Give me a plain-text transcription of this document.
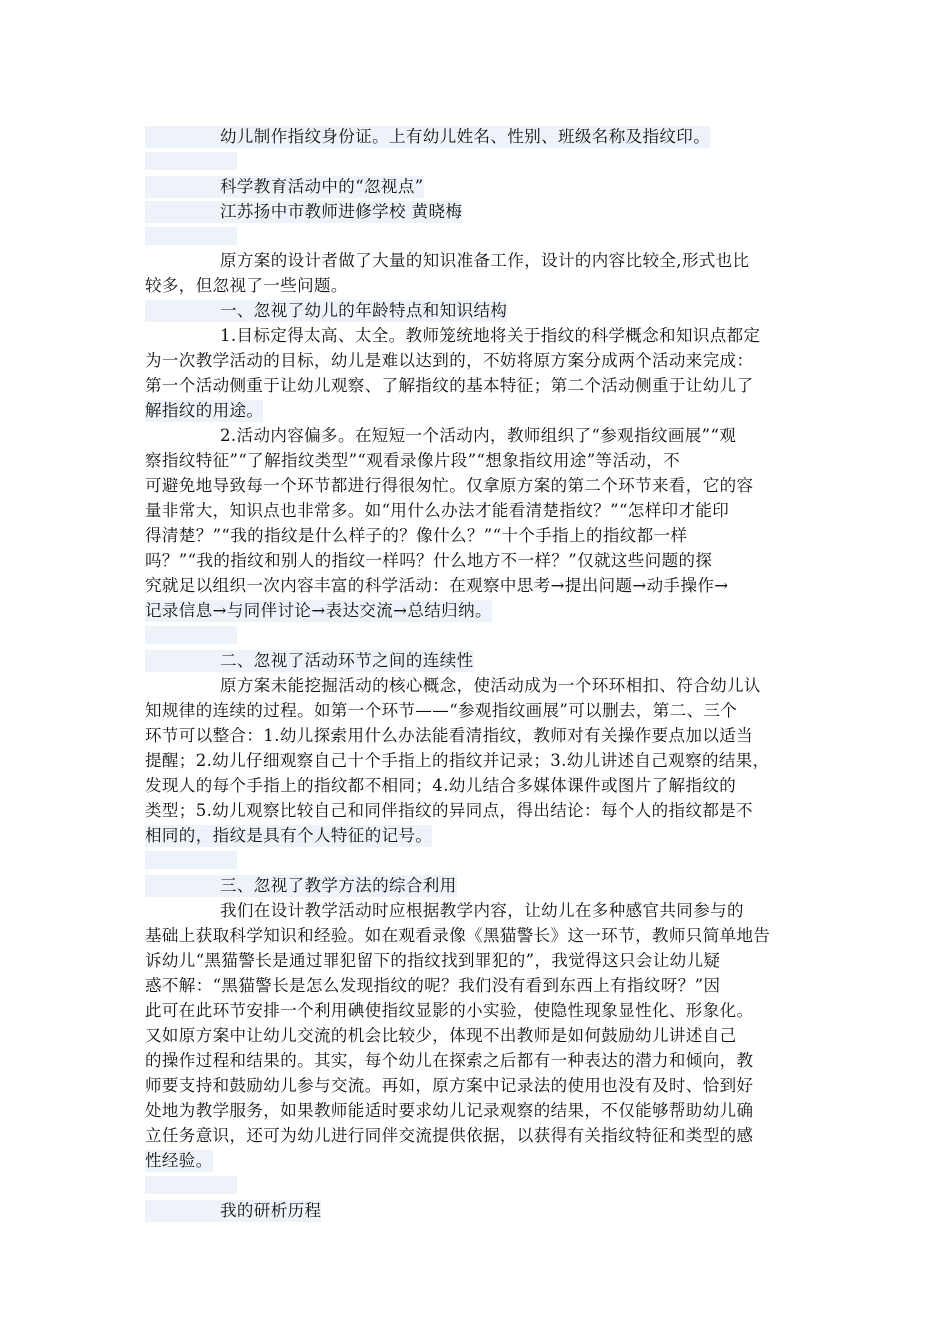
幼儿制作指纹身份证。上有幼儿姓名、性别、班级名称及指纹印。
科学教育活动中的“忽视点”
江苏扬中市教师进修学校 黄晓梅
原方案的设计者做了大量的知识准备工作，设计的内容比较全,形式也比
较多，但忽视了一些问题。
一、忽视了幼儿的年龄特点和知识结构
1.目标定得太高、太全。教师笼统地将关于指纹的科学概念和知识点都定
为一次教学活动的目标，幼儿是难以达到的，不妨将原方案分成两个活动来完成：
第一个活动侧重于让幼儿观察、了解指纹的基本特征；第二个活动侧重于让幼儿了
解指纹的用途。
2.活动内容偏多。在短短一个活动内，教师组织了“参观指纹画展”“观
察指纹特征”“了解指纹类型”“观看录像片段”“想象指纹用途”等活动，不
可避免地导致每一个环节都进行得很匆忙。仅拿原方案的第二个环节来看，它的容
量非常大，知识点也非常多。如“用什么办法才能看清楚指纹？”“怎样印才能印
得清楚？”“我的指纹是什么样子的？像什么？”“十个手指上的指纹都一样
吗？”“我的指纹和别人的指纹一样吗？什么地方不一样？”仅就这些问题的探
究就足以组织一次内容丰富的科学活动：在观察中思考→提出问题→动手操作→
记录信息→与同伴讨论→表达交流→总结归纳。
二、忽视了活动环节之间的连续性
原方案未能挖掘活动的核心概念，使活动成为一个环环相扣、符合幼儿认
知规律的连续的过程。如第一个环节——“参观指纹画展”可以删去，第二、三个
环节可以整合：1.幼儿探索用什么办法能看清指纹，教师对有关操作要点加以适当
提醒；2.幼儿仔细观察自己十个手指上的指纹并记录；3.幼儿讲述自己观察的结果，
发现人的每个手指上的指纹都不相同；4.幼儿结合多媒体课件或图片了解指纹的
类型；5.幼儿观察比较自己和同伴指纹的异同点，得出结论：每个人的指纹都是不
相同的，指纹是具有个人特征的记号。
三、忽视了教学方法的综合利用
我们在设计教学活动时应根据教学内容，让幼儿在多种感官共同参与的
基础上获取科学知识和经验。如在观看录像《黑猫警长》这一环节，教师只简单地告
诉幼儿“黑猫警长是通过罪犯留下的指纹找到罪犯的”，我觉得这只会让幼儿疑
惑不解：“黑猫警长是怎么发现指纹的呢？我们没有看到东西上有指纹呀？”因
此可在此环节安排一个利用碘使指纹显影的小实验，使隐性现象显性化、形象化。
又如原方案中让幼儿交流的机会比较少，体现不出教师是如何鼓励幼儿讲述自己
的操作过程和结果的。其实，每个幼儿在探索之后都有一种表达的潜力和倾向，教
师要支持和鼓励幼儿参与交流。再如，原方案中记录法的使用也没有及时、恰到好
处地为教学服务，如果教师能适时要求幼儿记录观察的结果，不仅能够帮助幼儿确
立任务意识，还可为幼儿进行同伴交流提供依据，以获得有关指纹特征和类型的感
性经验。
我的研析历程
